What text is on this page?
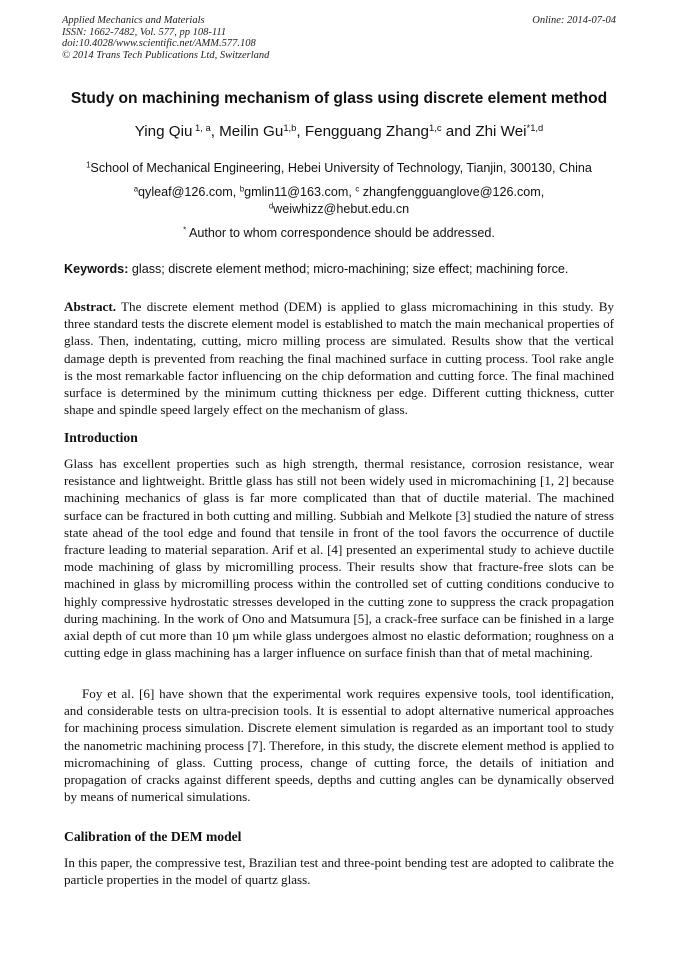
Applied Mechanics and Materials
ISSN: 1662-7482, Vol. 577, pp 108-111
doi:10.4028/www.scientific.net/AMM.577.108
© 2014 Trans Tech Publications Ltd, Switzerland
Online: 2014-07-04
Study on machining mechanism of glass using discrete element method
Ying Qiu $^{1, a}$, Meilin Gu$^{1,b}$, Fengguang Zhang$^{1,c}$ and Zhi Wei$^{*1,d}$
$^1$School of Mechanical Engineering, Hebei University of Technology, Tianjin, 300130, China
$^a$qyleaf@126.com, $^b$gmlin11@163.com, $^c$ zhangfengguanglove@126.com,
$^d$weiwhizz@hebut.edu.cn
* Author to whom correspondence should be addressed.
Keywords: glass; discrete element method; micro-machining; size effect; machining force.
Abstract. The discrete element method (DEM) is applied to glass micromachining in this study. By three standard tests the discrete element model is established to match the main mechanical properties of glass. Then, indentating, cutting, micro milling process are simulated. Results show that the vertical damage depth is prevented from reaching the final machined surface in cutting process. Tool rake angle is the most remarkable factor influencing on the chip deformation and cutting force. The final machined surface is determined by the minimum cutting thickness per edge. Different cutting thickness, cutter shape and spindle speed largely effect on the mechanism of glass.
Introduction
Glass has excellent properties such as high strength, thermal resistance, corrosion resistance, wear resistance and lightweight. Brittle glass has still not been widely used in micromachining [1, 2] because machining mechanics of glass is far more complicated than that of ductile material. The machined surface can be fractured in both cutting and milling. Subbiah and Melkote [3] studied the nature of stress state ahead of the tool edge and found that tensile in front of the tool favors the occurrence of ductile fracture leading to material separation. Arif et al. [4] presented an experimental study to achieve ductile mode machining of glass by micromilling process. Their results show that fracture-free slots can be machined in glass by micromilling process within the controlled set of cutting conditions conducive to highly compressive hydrostatic stresses developed in the cutting zone to suppress the crack propagation during machining. In the work of Ono and Matsumura [5], a crack-free surface can be finished in a large axial depth of cut more than 10 μm while glass undergoes almost no elastic deformation; roughness on a cutting edge in glass machining has a larger influence on surface finish than that of metal machining.
Foy et al. [6] have shown that the experimental work requires expensive tools, tool identification, and considerable tests on ultra-precision tools. It is essential to adopt alternative numerical approaches for machining process simulation. Discrete element simulation is regarded as an important tool to study the nanometric machining process [7]. Therefore, in this study, the discrete element method is applied to micromachining of glass. Cutting process, change of cutting force, the details of initiation and propagation of cracks against different speeds, depths and cutting angles can be dynamically observed by means of numerical simulations.
Calibration of the DEM model
In this paper, the compressive test, Brazilian test and three-point bending test are adopted to calibrate the particle properties in the model of quartz glass.
